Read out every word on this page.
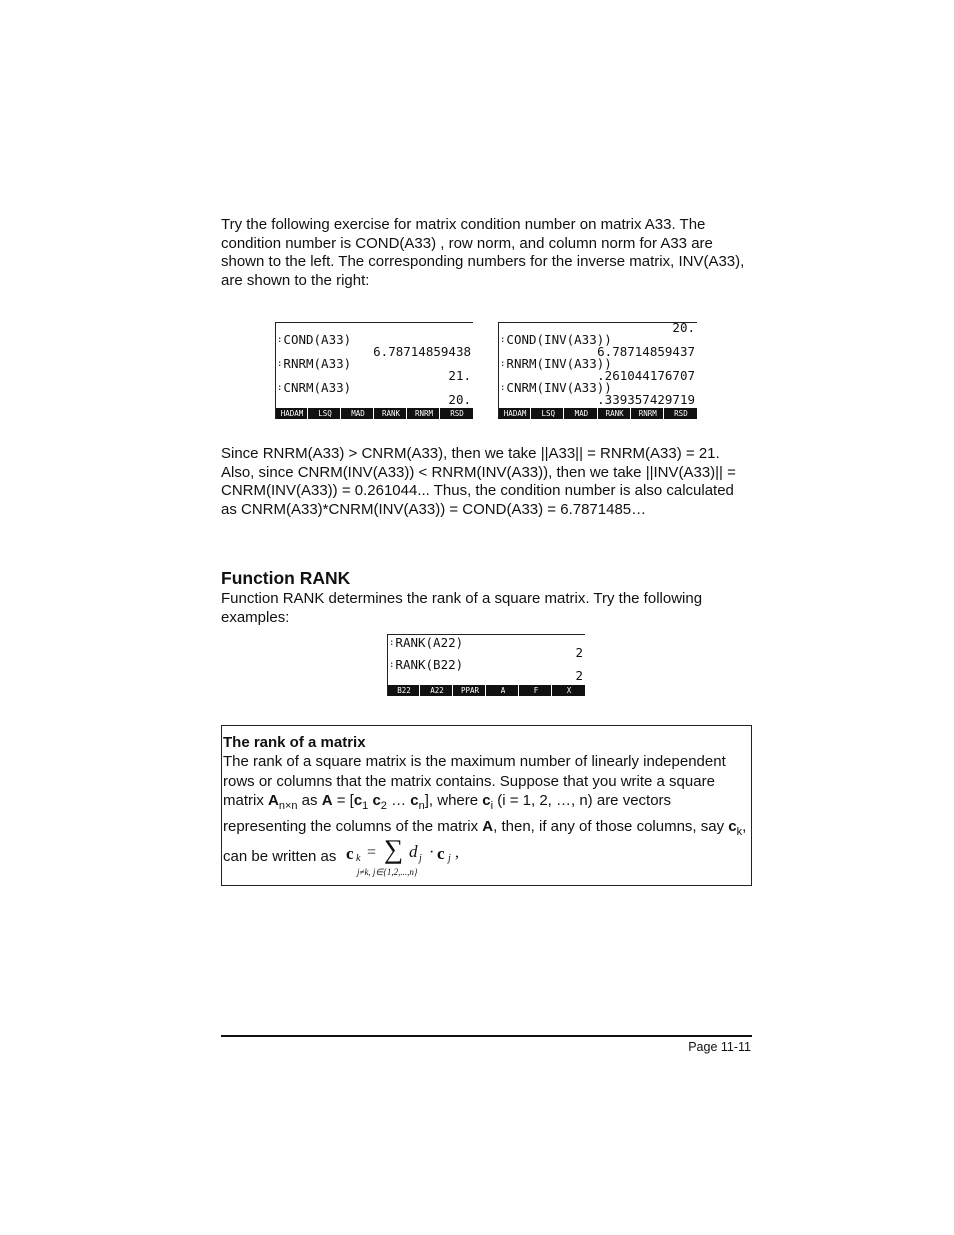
Try the following exercise for matrix condition number on matrix A33. The condition number is COND(A33) , row norm, and column norm for A33 are shown to the left. The corresponding numbers for the inverse matrix, INV(A33), are shown to the right:

:COND(A33)
6.78714859438
:RNRM(A33)
21.
:CNRM(A33)
20.
HADAM	LSQ	MAD	RANK	RNRM	RSD
20.
:COND(INV(A33))
6.78714859437
:RNRM(INV(A33))
.261044176707
:CNRM(INV(A33))
.339357429719
HADAM	LSQ	MAD	RANK	RNRM	RSD

Since RNRM(A33) > CNRM(A33), then we take ||A33|| = RNRM(A33) = 21. Also, since CNRM(INV(A33)) < RNRM(INV(A33)), then we take ||INV(A33)|| = CNRM(INV(A33)) = 0.261044... Thus, the condition number is also calculated as CNRM(A33)*CNRM(INV(A33)) = COND(A33) = 6.7871485…

Function RANK

Function RANK determines the rank of a square matrix. Try the following examples:

:RANK(A22)
2
:RANK(B22)
2
B22	A22	PPAR	A	F	X

The rank of a matrix

The rank of a square matrix is the maximum number of linearly independent rows or columns that the matrix contains. Suppose that you write a square matrix $A_{n\times n}$ as $A = [c_1$ $c_2$ … $c_n$], where $c_i$ (i = 1, 2, …, n) are vectors representing the columns of the matrix A, then, if any of those columns, say $c_k$,

can be written as c k = ∑ d j · c j ,
j≠k, j∈{1,2,...,n}
Page 11-11
